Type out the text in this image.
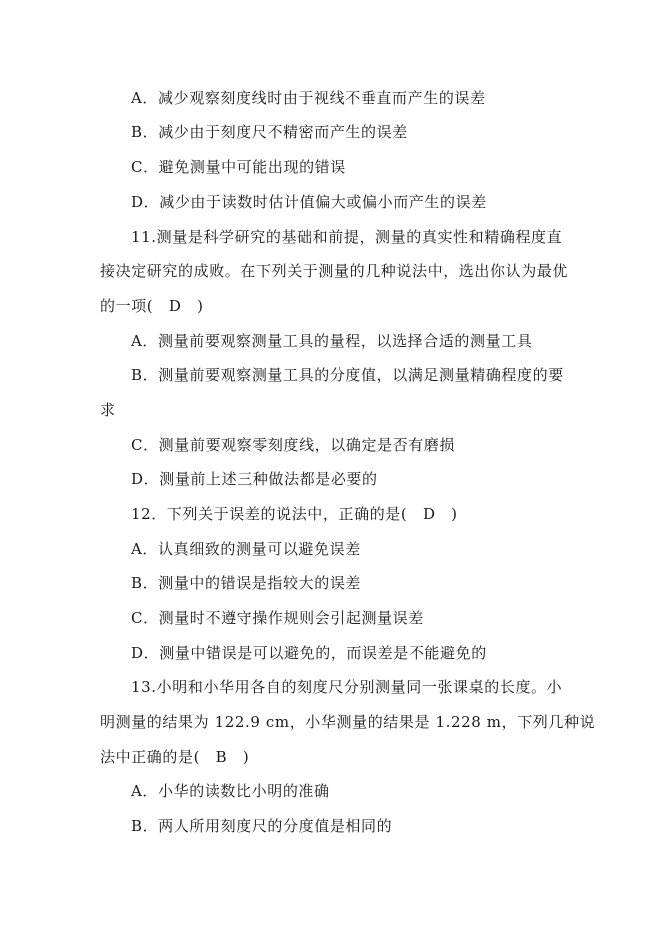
A．减少观察刻度线时由于视线不垂直而产生的误差
B．减少由于刻度尺不精密而产生的误差
C．避免测量中可能出现的错误
D．减少由于读数时估计值偏大或偏小而产生的误差
11.测量是科学研究的基础和前提，测量的真实性和精确程度直
接决定研究的成败。在下列关于测量的几种说法中，选出你认为最优
的一项(　D　)
A．测量前要观察测量工具的量程，以选择合适的测量工具
B．测量前要观察测量工具的分度值，以满足测量精确程度的要
求
C．测量前要观察零刻度线，以确定是否有磨损
D．测量前上述三种做法都是必要的
12．下列关于误差的说法中，正确的是(　D　)
A．认真细致的测量可以避免误差
B．测量中的错误是指较大的误差
C．测量时不遵守操作规则会引起测量误差
D．测量中错误是可以避免的，而误差是不能避免的
13.小明和小华用各自的刻度尺分别测量同一张课桌的长度。小
明测量的结果为 122.9 cm，小华测量的结果是 1.228 m，下列几种说
法中正确的是(　B　)
A．小华的读数比小明的准确
B．两人所用刻度尺的分度值是相同的
